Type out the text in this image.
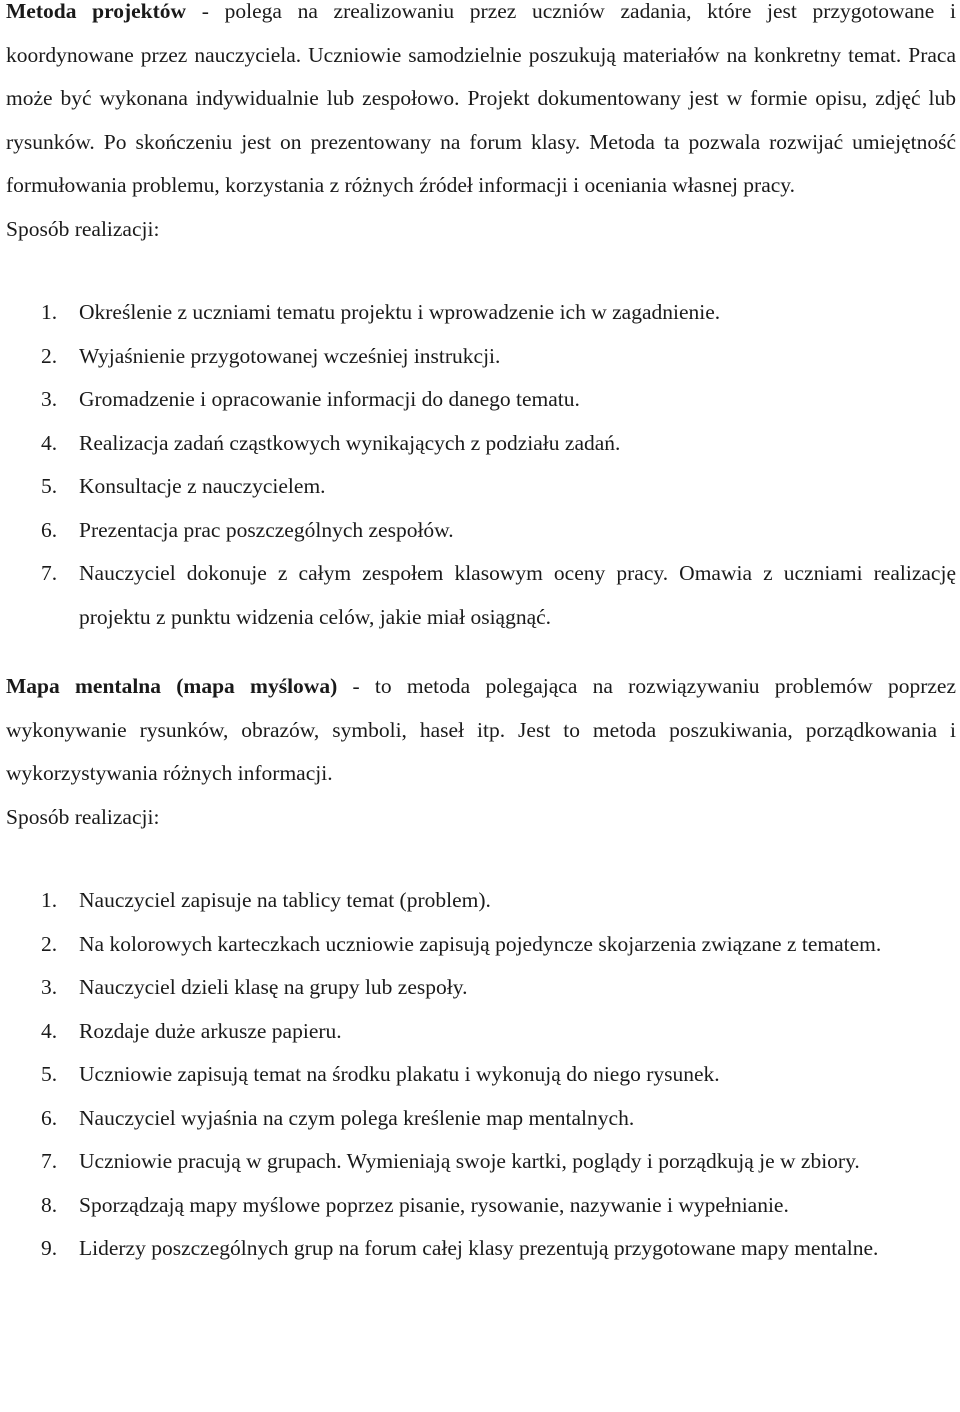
Metoda projektów - polega na zrealizowaniu przez uczniów zadania, które jest przygotowane i koordynowane przez nauczyciela. Uczniowie samodzielnie poszukują materiałów na konkretny temat. Praca może być wykonana indywidualnie lub zespołowo. Projekt dokumentowany jest w formie opisu, zdjęć lub rysunków. Po skończeniu jest on prezentowany na forum klasy. Metoda ta pozwala rozwijać umiejętność formułowania problemu, korzystania z różnych źródeł informacji i oceniania własnej pracy.

Sposób realizacji:

1. Określenie z uczniami tematu projektu i wprowadzenie ich w zagadnienie.
2. Wyjaśnienie przygotowanej wcześniej instrukcji.
3. Gromadzenie i opracowanie informacji do danego tematu.
4. Realizacja zadań cząstkowych wynikających z podziału zadań.
5. Konsultacje z nauczycielem.
6. Prezentacja prac poszczególnych zespołów.
7. Nauczyciel dokonuje z całym zespołem klasowym oceny pracy. Omawia z uczniami realizację projektu z punktu widzenia celów, jakie miał osiągnąć.

Mapa mentalna (mapa myślowa) - to metoda polegająca na rozwiązywaniu problemów poprzez wykonywanie rysunków, obrazów, symboli, haseł itp. Jest to metoda poszukiwania, porządkowania i wykorzystywania różnych informacji.

Sposób realizacji:

1. Nauczyciel zapisuje na tablicy temat (problem).
2. Na kolorowych karteczkach uczniowie zapisują pojedyncze skojarzenia związane z tematem.
3. Nauczyciel dzieli klasę na grupy lub zespoły.
4. Rozdaje duże arkusze papieru.
5. Uczniowie zapisują temat na środku plakatu i wykonują do niego rysunek.
6. Nauczyciel wyjaśnia na czym polega kreślenie map mentalnych.
7. Uczniowie pracują w grupach. Wymieniają swoje kartki, poglądy i porządkują je w zbiory.
8. Sporządzają mapy myślowe poprzez pisanie, rysowanie, nazywanie i wypełnianie.
9. Liderzy poszczególnych grup na forum całej klasy prezentują przygotowane mapy mentalne.
